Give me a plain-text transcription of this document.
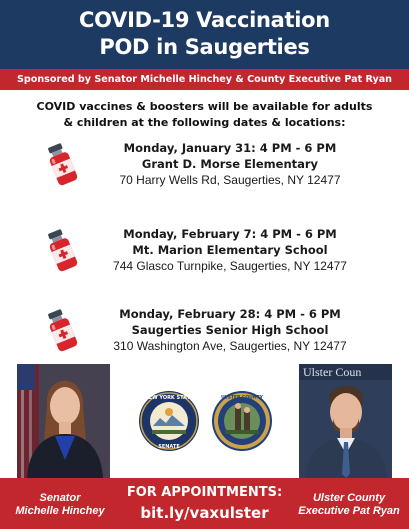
COVID-19 Vaccination
POD in Saugerties
Sponsored by Senator Michelle Hinchey & County Executive Pat Ryan
COVID vaccines & boosters will be available for adults
& children at the following dates & locations:
Monday, January 31: 4 PM - 6 PM
Grant D. Morse Elementary
70 Harry Wells Rd, Saugerties, NY 12477
Monday, February 7: 4 PM - 6 PM
Mt. Marion Elementary School
744 Glasco Turnpike, Saugerties, NY 12477
Monday, February 28: 4 PM - 6 PM
Saugerties Senior High School
310 Washington Ave, Saugerties, NY 12477
Ulster Coun
NEW YORK STATE
SENATE
ULSTER COUNTY
Senator
Michelle Hinchey
FOR APPOINTMENTS:
bit.ly/vaxulster
Ulster County
Executive Pat Ryan
